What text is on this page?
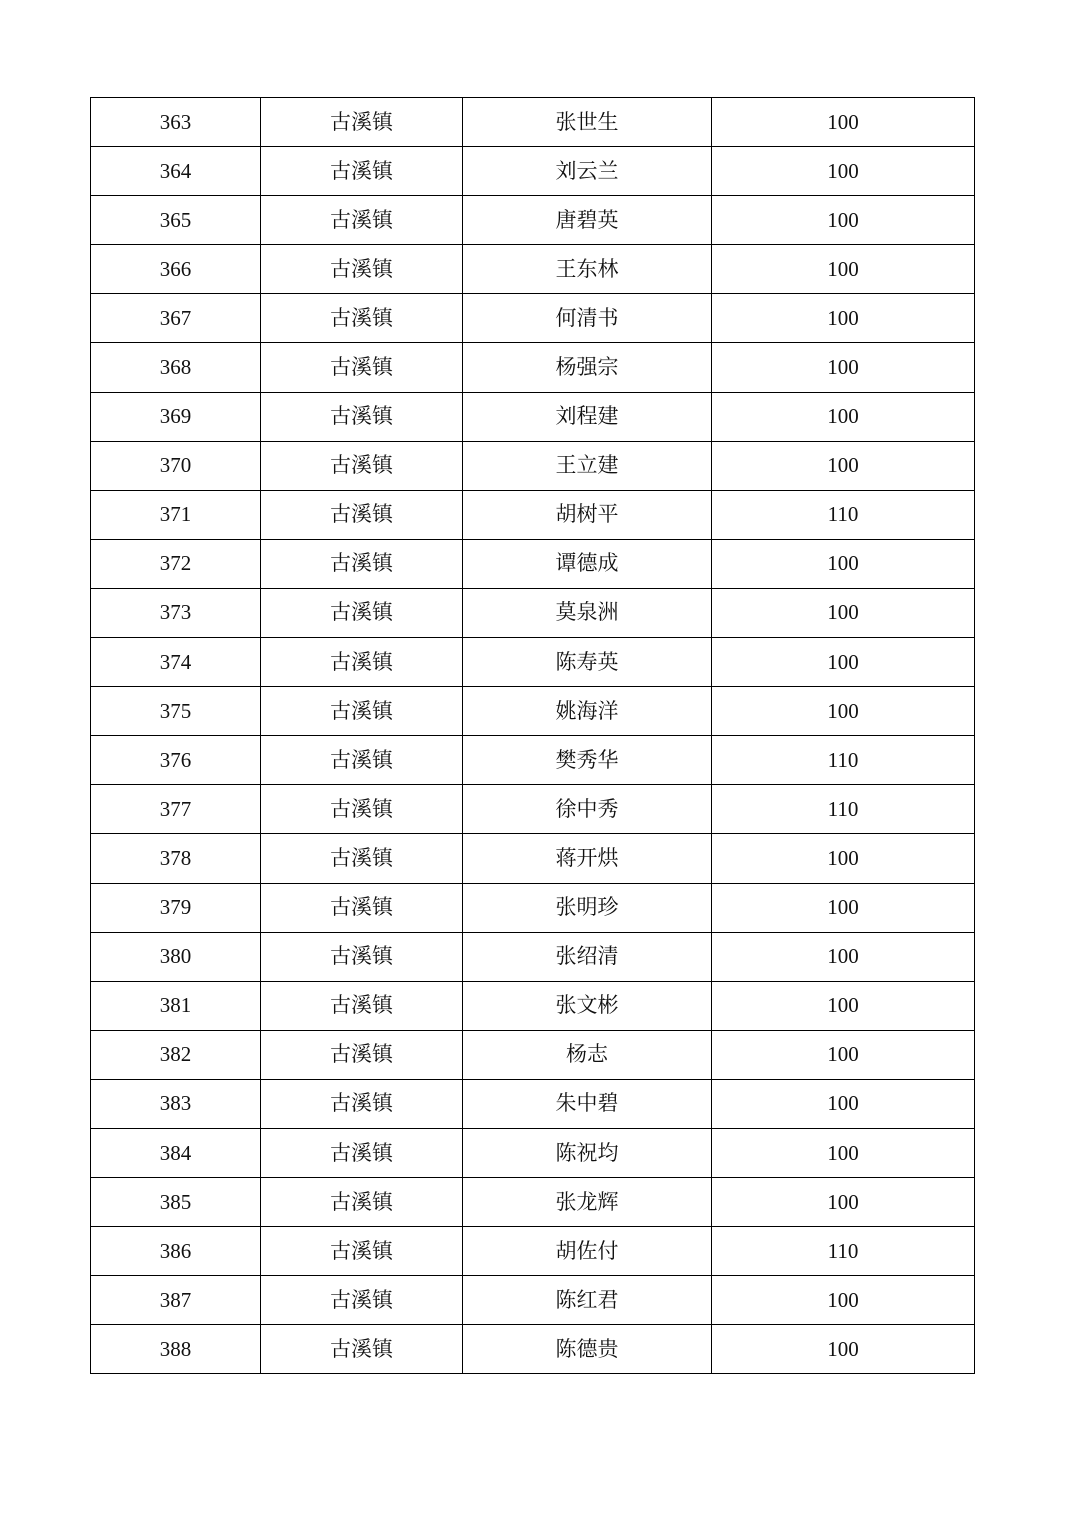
363	古溪镇	张世生	100
364	古溪镇	刘云兰	100
365	古溪镇	唐碧英	100
366	古溪镇	王东林	100
367	古溪镇	何清书	100
368	古溪镇	杨强宗	100
369	古溪镇	刘程建	100
370	古溪镇	王立建	100
371	古溪镇	胡树平	110
372	古溪镇	谭德成	100
373	古溪镇	莫泉洲	100
374	古溪镇	陈寿英	100
375	古溪镇	姚海洋	100
376	古溪镇	樊秀华	110
377	古溪镇	徐中秀	110
378	古溪镇	蒋开烘	100
379	古溪镇	张明珍	100
380	古溪镇	张绍清	100
381	古溪镇	张文彬	100
382	古溪镇	杨志	100
383	古溪镇	朱中碧	100
384	古溪镇	陈祝均	100
385	古溪镇	张龙辉	100
386	古溪镇	胡佐付	110
387	古溪镇	陈红君	100
388	古溪镇	陈德贵	100
